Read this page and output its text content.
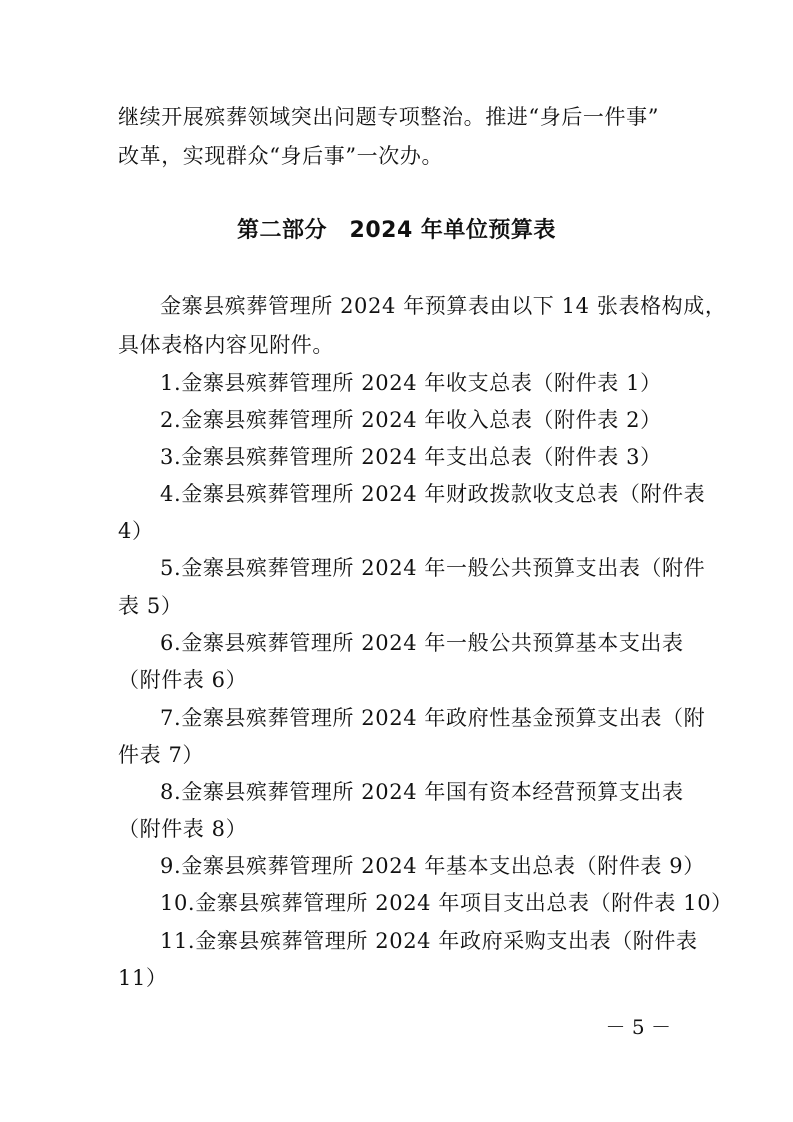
继续开展殡葬领域突出问题专项整治。推进“身后一件事”
改革，实现群众“身后事”一次办。
第二部分　2024 年单位预算表
金寨县殡葬管理所 2024 年预算表由以下 14 张表格构成，
具体表格内容见附件。
1.金寨县殡葬管理所 2024 年收支总表（附件表 1）
2.金寨县殡葬管理所 2024 年收入总表（附件表 2）
3.金寨县殡葬管理所 2024 年支出总表（附件表 3）
4.金寨县殡葬管理所 2024 年财政拨款收支总表（附件表
4）
5.金寨县殡葬管理所 2024 年一般公共预算支出表（附件
表 5）
6.金寨县殡葬管理所 2024 年一般公共预算基本支出表
（附件表 6）
7.金寨县殡葬管理所 2024 年政府性基金预算支出表（附
件表 7）
8.金寨县殡葬管理所 2024 年国有资本经营预算支出表
（附件表 8）
9.金寨县殡葬管理所 2024 年基本支出总表（附件表 9）
10.金寨县殡葬管理所 2024 年项目支出总表（附件表 10）
11.金寨县殡葬管理所 2024 年政府采购支出表（附件表
11）
－ 5 －
